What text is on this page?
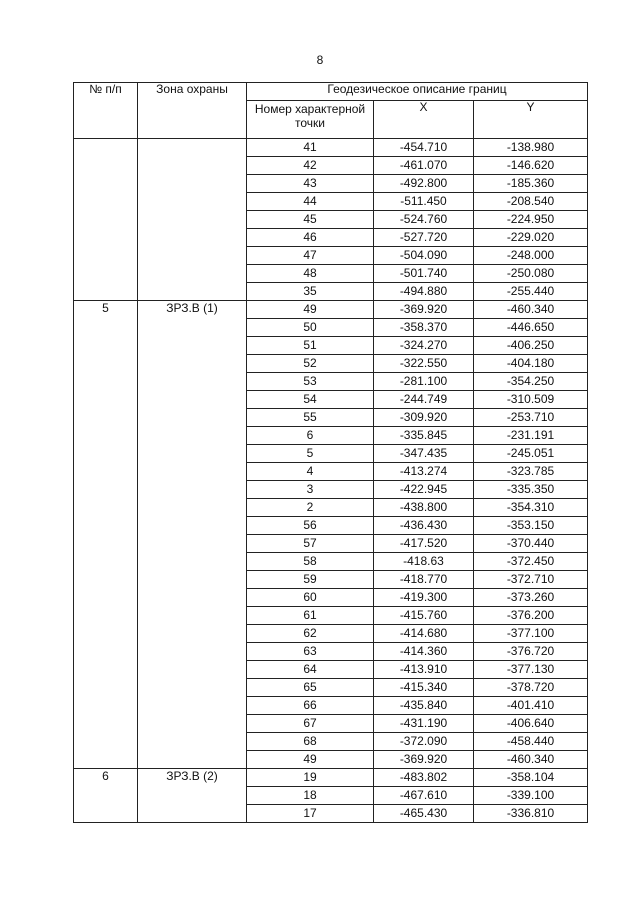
8
№ п/п	Зона охраны	Геодезическое описание границ		
		Номер характерной точки	X	Y
		41	-454.710	-138.980
		42	-461.070	-146.620
		43	-492.800	-185.360
		44	-511.450	-208.540
		45	-524.760	-224.950
		46	-527.720	-229.020
		47	-504.090	-248.000
		48	-501.740	-250.080
		35	-494.880	-255.440
5	ЗРЗ.В (1)	49	-369.920	-460.340
		50	-358.370	-446.650
		51	-324.270	-406.250
		52	-322.550	-404.180
		53	-281.100	-354.250
		54	-244.749	-310.509
		55	-309.920	-253.710
		6	-335.845	-231.191
		5	-347.435	-245.051
		4	-413.274	-323.785
		3	-422.945	-335.350
		2	-438.800	-354.310
		56	-436.430	-353.150
		57	-417.520	-370.440
		58	-418.63	-372.450
		59	-418.770	-372.710
		60	-419.300	-373.260
		61	-415.760	-376.200
		62	-414.680	-377.100
		63	-414.360	-376.720
		64	-413.910	-377.130
		65	-415.340	-378.720
		66	-435.840	-401.410
		67	-431.190	-406.640
		68	-372.090	-458.440
		49	-369.920	-460.340
6	ЗРЗ.В (2)	19	-483.802	-358.104
		18	-467.610	-339.100
		17	-465.430	-336.810
